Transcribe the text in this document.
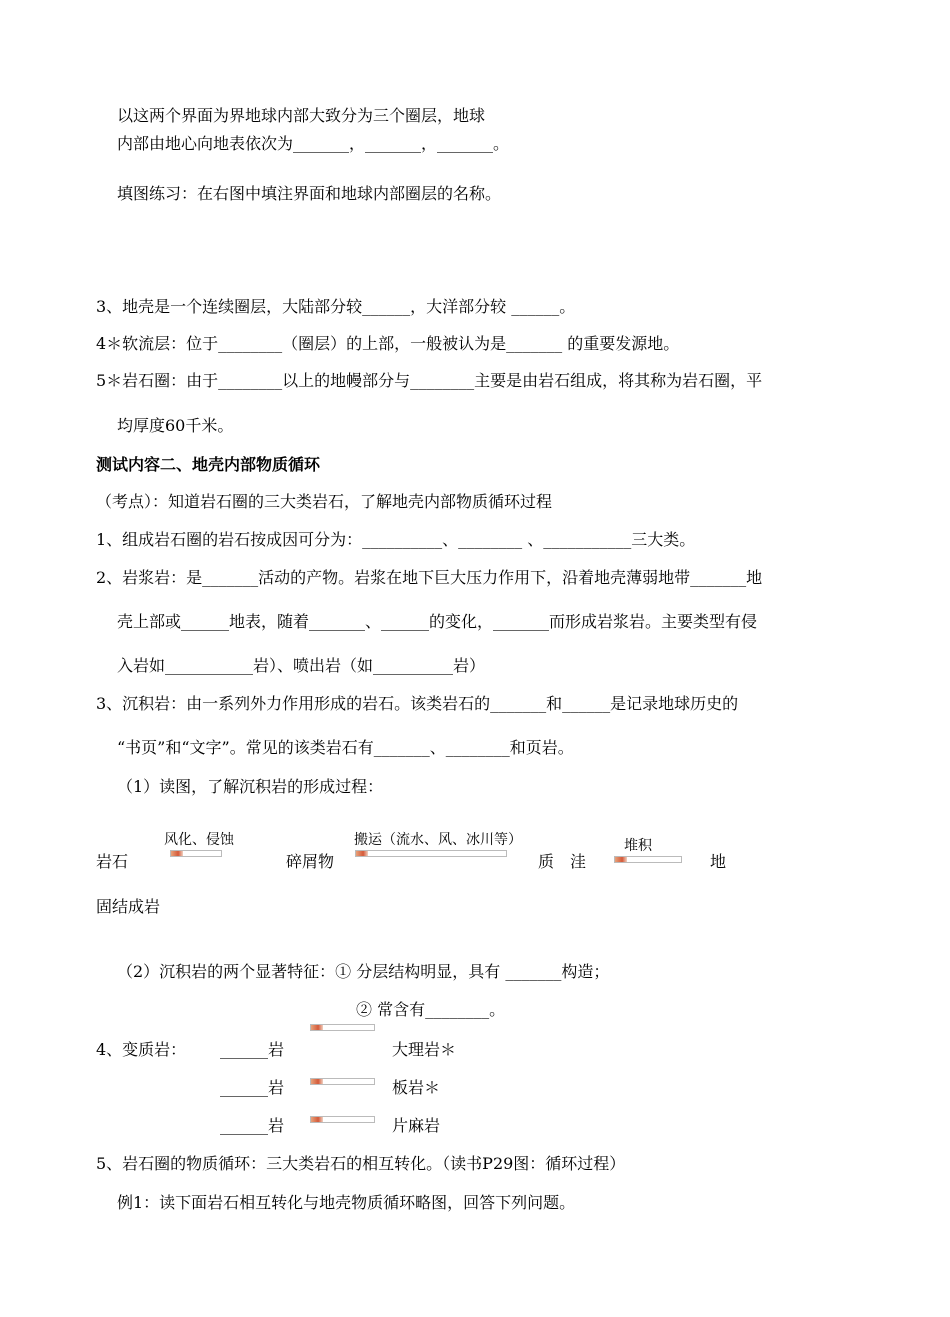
以这两个界面为界地球内部大致分为三个圈层，地球
内部由地心向地表依次为_______，_______，_______。
填图练习：在右图中填注界面和地球内部圈层的名称。
3、地壳是一个连续圈层，大陆部分较______，大洋部分较 ______。
4＊软流层：位于________（圈层）的上部，一般被认为是_______ 的重要发源地。
5＊岩石圈：由于________以上的地幔部分与________主要是由岩石组成，将其称为岩石圈，平
均厚度60千米。
测试内容二、地壳内部物质循环
（考点）：知道岩石圈的三大类岩石，了解地壳内部物质循环过程
1、组成岩石圈的岩石按成因可分为：__________、________ 、___________三大类。
2、岩浆岩：是_______活动的产物。岩浆在地下巨大压力作用下，沿着地壳薄弱地带_______地
壳上部或______地表，随着_______、______的变化，_______而形成岩浆岩。主要类型有侵
入岩如___________岩）、喷出岩（如__________岩）
3、沉积岩：由一系列外力作用形成的岩石。该类岩石的_______和______是记录地球历史的
“书页”和“文字”。常见的该类岩石有_______、________和页岩。
（1）读图，了解沉积岩的形成过程：
风化、侵蚀	搬运（流水、风、冰川等）	堆积
岩石	碎屑物	质 洼	地
固结成岩
（2）沉积岩的两个显著特征：① 分层结构明显，具有 _______构造；
② 常含有________。
4、变质岩： ______岩	大理岩＊
______岩	板岩＊
______岩	片麻岩
5、岩石圈的物质循环：三大类岩石的相互转化。（读书P29图：循环过程）
例1：读下面岩石相互转化与地壳物质循环略图，回答下列问题。
